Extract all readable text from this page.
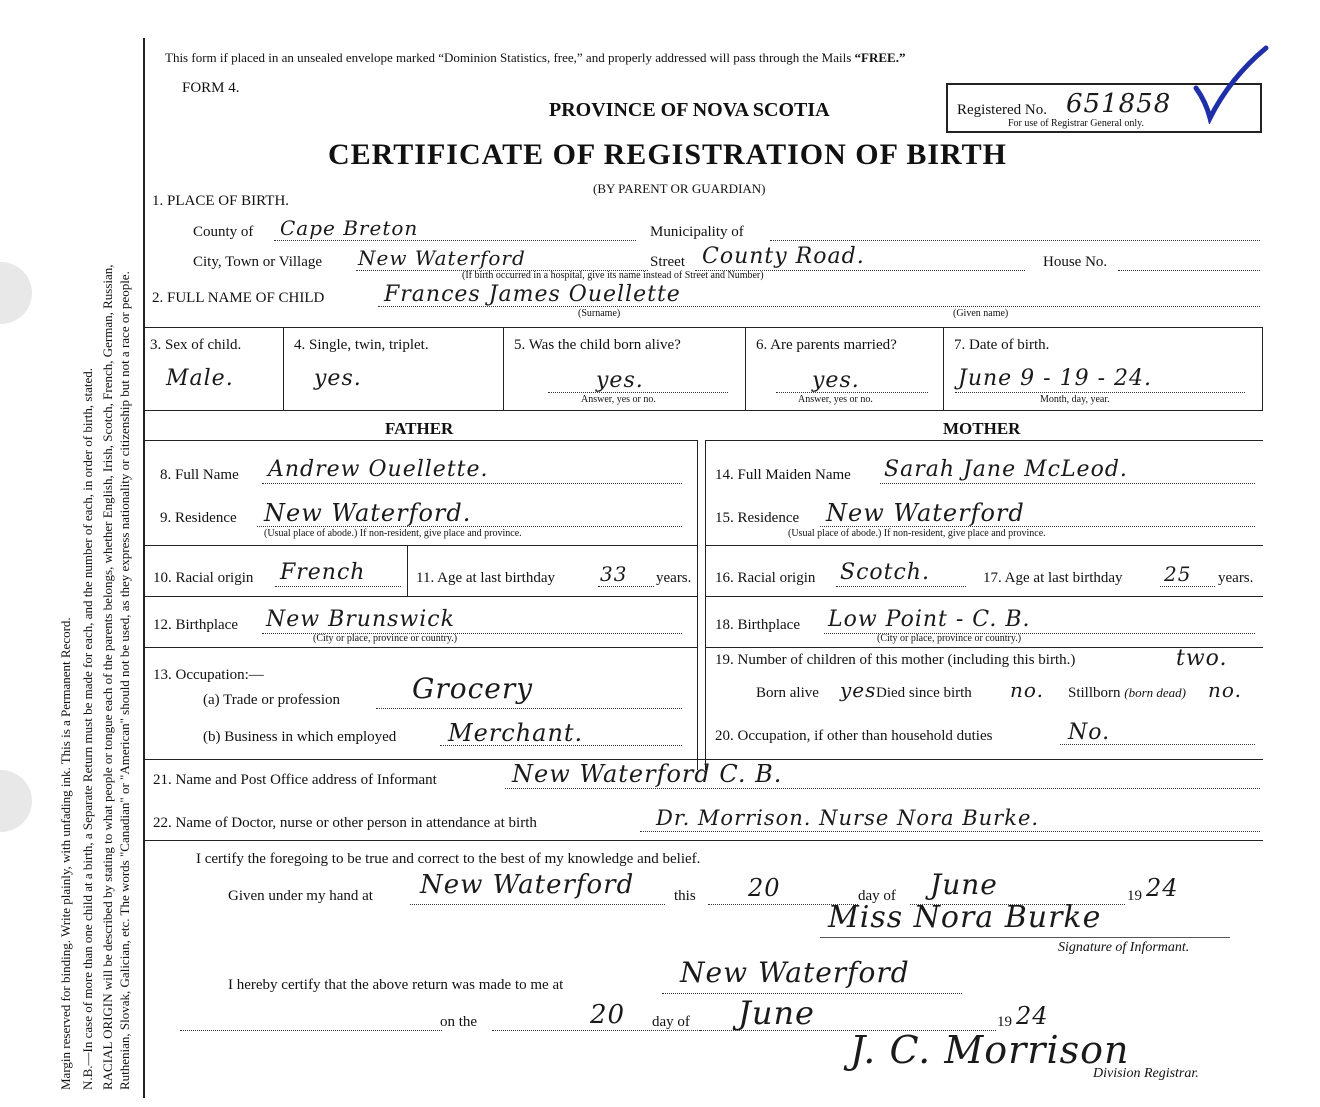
Margin reserved for binding. Write plainly, with unfading ink. This is a Permanent Record. N.B.—In case of more than one child at a birth, a Separate Return must be made for each, and the number of each, in order of birth, stated. RACIAL ORIGIN will be described by stating to what people or tongue each of the parents belongs, whether English, Irish, Scotch, French, German, Russian, Ruthenian, Slovak, Galician, etc. The words "Canadian" or "American" should not be used, as they express nationality or citizenship but not a race or people.
This form if placed in an unsealed envelope marked “Dominion Statistics, free,” and properly addressed will pass through the Mails “FREE.”
FORM 4.
PROVINCE OF NOVA SCOTIA
CERTIFICATE OF REGISTRATION OF BIRTH
(BY PARENT OR GUARDIAN)
Registered No. 651858
For use of Registrar General only.
1. PLACE OF BIRTH.
County of Cape Breton	Municipality of
City, Town or Village New Waterford
(If birth occurred in a hospital, give its name instead of Street and Number)
Street County Road.	House No.
2. FULL NAME OF CHILD	Frances James Ouellette
(Surname)	(Given name)
3. Sex of child.
Male.
4. Single, twin, triplet.
yes.
5. Was the child born alive?
yes.
Answer, yes or no.
6. Are parents married?
yes.
Answer, yes or no.
7. Date of birth.
June 9 - 19 - 24.
Month, day, year.
FATHER
8. Full Name Andrew Ouellette.
9. Residence New Waterford.
(Usual place of abode.) If non-resident, give place and province.
10. Racial origin French	11. Age at last birthday 33 years.
12. Birthplace New Brunswick
(City or place, province or country.)
13. Occupation:—
(a) Trade or profession	Grocery
(b) Business in which employed Merchant.
MOTHER
14. Full Maiden Name Sarah Jane McLeod.
15. Residence New Waterford
(Usual place of abode.) If non-resident, give place and province.
16. Racial origin Scotch.	17. Age at last birthday 25 years.
18. Birthplace Low Point - C. B.
(City or place, province or country.)
19. Number of children of this mother (including this birth.)	two.
Born alive yes Died since birth no. Stillborn (born dead) no.
20. Occupation, if other than household duties	No.
21. Name and Post Office address of Informant	New Waterford C. B.
22. Name of Doctor, nurse or other person in attendance at birth	Dr. Morrison. Nurse Nora Burke.
I certify the foregoing to be true and correct to the best of my knowledge and belief.
Given under my hand at New Waterford	this 20	day of June	19 24
Miss Nora Burke
Signature of Informant.
I hereby certify that the above return was made to me at	New Waterford
on the	20 day of June	19 24
J. C. Morrison
Division Registrar.
